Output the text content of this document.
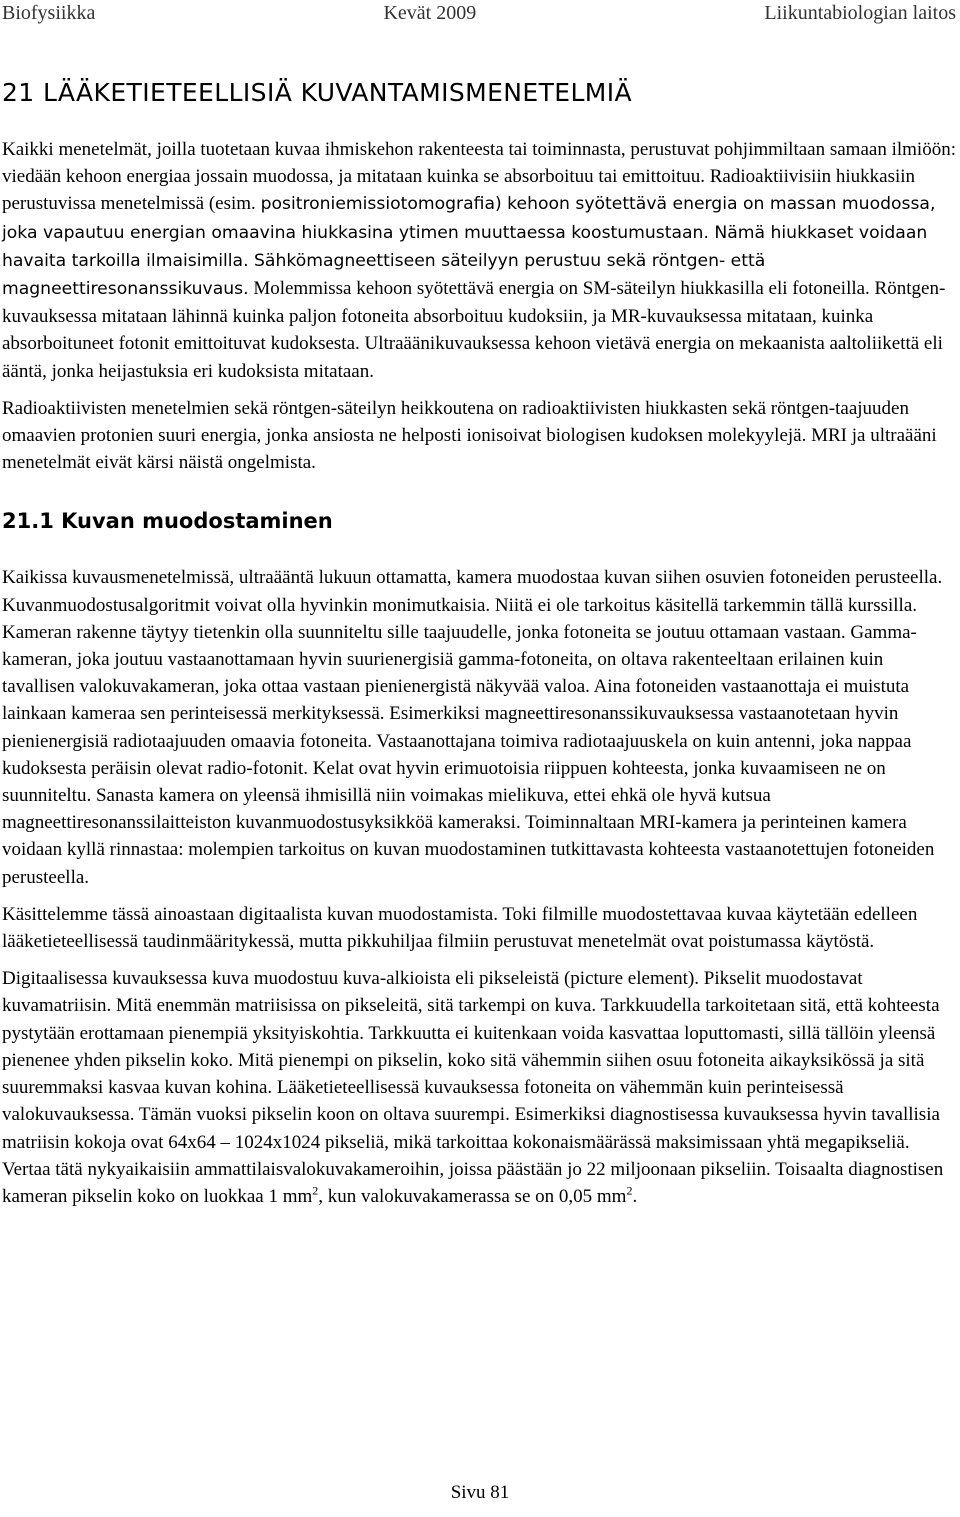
Biofysiikka	Kevät 2009	Liikuntabiologian laitos
21 LÄÄKETIETEELLISIÄ KUVANTAMISMENETELMIÄ

Kaikki menetelmät, joilla tuotetaan kuvaa ihmiskehon rakenteesta tai toiminnasta, perustuvat pohjimmiltaan samaan ilmiöön: viedään kehoon energiaa jossain muodossa, ja mitataan kuinka se absorboituu tai emittoituu. Radioaktiivisiin hiukkasiin perustuvissa menetelmissä (esim. positroniemissiotomografia) kehoon syötettävä energia on massan muodossa, joka vapautuu energian omaavina hiukkasina ytimen muuttaessa koostumustaan. Nämä hiukkaset voidaan havaita tarkoilla ilmaisimilla. Sähkömagneettiseen säteilyyn perustuu sekä röntgen- että magneettiresonanssikuvaus. Molemmissa kehoon syötettävä energia on SM-säteilyn hiukkasilla eli fotoneilla. Röntgen-kuvauksessa mitataan lähinnä kuinka paljon fotoneita absorboituu kudoksiin, ja MR-kuvauksessa mitataan, kuinka absorboituneet fotonit emittoituvat kudoksesta. Ultraäänikuvauksessa kehoon vietävä energia on mekaanista aaltoliikettä eli ääntä, jonka heijastuksia eri kudoksista mitataan.

Radioaktiivisten menetelmien sekä röntgen-säteilyn heikkoutena on radioaktiivisten hiukkasten sekä röntgen-taajuuden omaavien protonien suuri energia, jonka ansiosta ne helposti ionisoivat biologisen kudoksen molekyylejä. MRI ja ultraääni menetelmät eivät kärsi näistä ongelmista.

21.1 Kuvan muodostaminen

Kaikissa kuvausmenetelmissä, ultraääntä lukuun ottamatta, kamera muodostaa kuvan siihen osuvien fotoneiden perusteella. Kuvanmuodostusalgoritmit voivat olla hyvinkin monimutkaisia. Niitä ei ole tarkoitus käsitellä tarkemmin tällä kurssilla. Kameran rakenne täytyy tietenkin olla suunniteltu sille taajuudelle, jonka fotoneita se joutuu ottamaan vastaan. Gamma-kameran, joka joutuu vastaanottamaan hyvin suurienergisiä gamma-fotoneita, on oltava rakenteeltaan erilainen kuin tavallisen valokuvakameran, joka ottaa vastaan pienienergistä näkyvää valoa. Aina fotoneiden vastaanottaja ei muistuta lainkaan kameraa sen perinteisessä merkityksessä. Esimerkiksi magneettiresonanssikuvauksessa vastaanotetaan hyvin pienienergisiä radiotaajuuden omaavia fotoneita. Vastaanottajana toimiva radiotaajuuskela on kuin antenni, joka nappaa kudoksesta peräisin olevat radio-fotonit. Kelat ovat hyvin erimuotoisia riippuen kohteesta, jonka kuvaamiseen ne on suunniteltu. Sanasta kamera on yleensä ihmisillä niin voimakas mielikuva, ettei ehkä ole hyvä kutsua magneettiresonanssilaitteiston kuvanmuodostusyksikköä kameraksi. Toiminnaltaan MRI-kamera ja perinteinen kamera voidaan kyllä rinnastaa: molempien tarkoitus on kuvan muodostaminen tutkittavasta kohteesta vastaanotettujen fotoneiden perusteella.

Käsittelemme tässä ainoastaan digitaalista kuvan muodostamista. Toki filmille muodostettavaa kuvaa käytetään edelleen lääketieteellisessä taudinmääritykessä, mutta pikkuhiljaa filmiin perustuvat menetelmät ovat poistumassa käytöstä.

Digitaalisessa kuvauksessa kuva muodostuu kuva-alkioista eli pikseleistä (picture element). Pikselit muodostavat kuvamatriisin. Mitä enemmän matriisissa on pikseleitä, sitä tarkempi on kuva. Tarkkuudella tarkoitetaan sitä, että kohteesta pystytään erottamaan pienempiä yksityiskohtia. Tarkkuutta ei kuitenkaan voida kasvattaa loputtomasti, sillä tällöin yleensä pienenee yhden pikselin koko. Mitä pienempi on pikselin, koko sitä vähemmin siihen osuu fotoneita aikayksikössä ja sitä suuremmaksi kasvaa kuvan kohina. Lääketieteellisessä kuvauksessa fotoneita on vähemmän kuin perinteisessä valokuvauksessa. Tämän vuoksi pikselin koon on oltava suurempi. Esimerkiksi diagnostisessa kuvauksessa hyvin tavallisia matriisin kokoja ovat 64x64 – 1024x1024 pikseliä, mikä tarkoittaa kokonaismäärässä maksimissaan yhtä megapikseliä. Vertaa tätä nykyaikaisiin ammattilaisvalokuvakameroihin, joissa päästään jo 22 miljoonaan pikseliin. Toisaalta diagnostisen kameran pikselin koko on luokkaa 1 $mm^2$, kun valokuvakamerassa se on 0,05 $mm^2$.

Sivu 81
